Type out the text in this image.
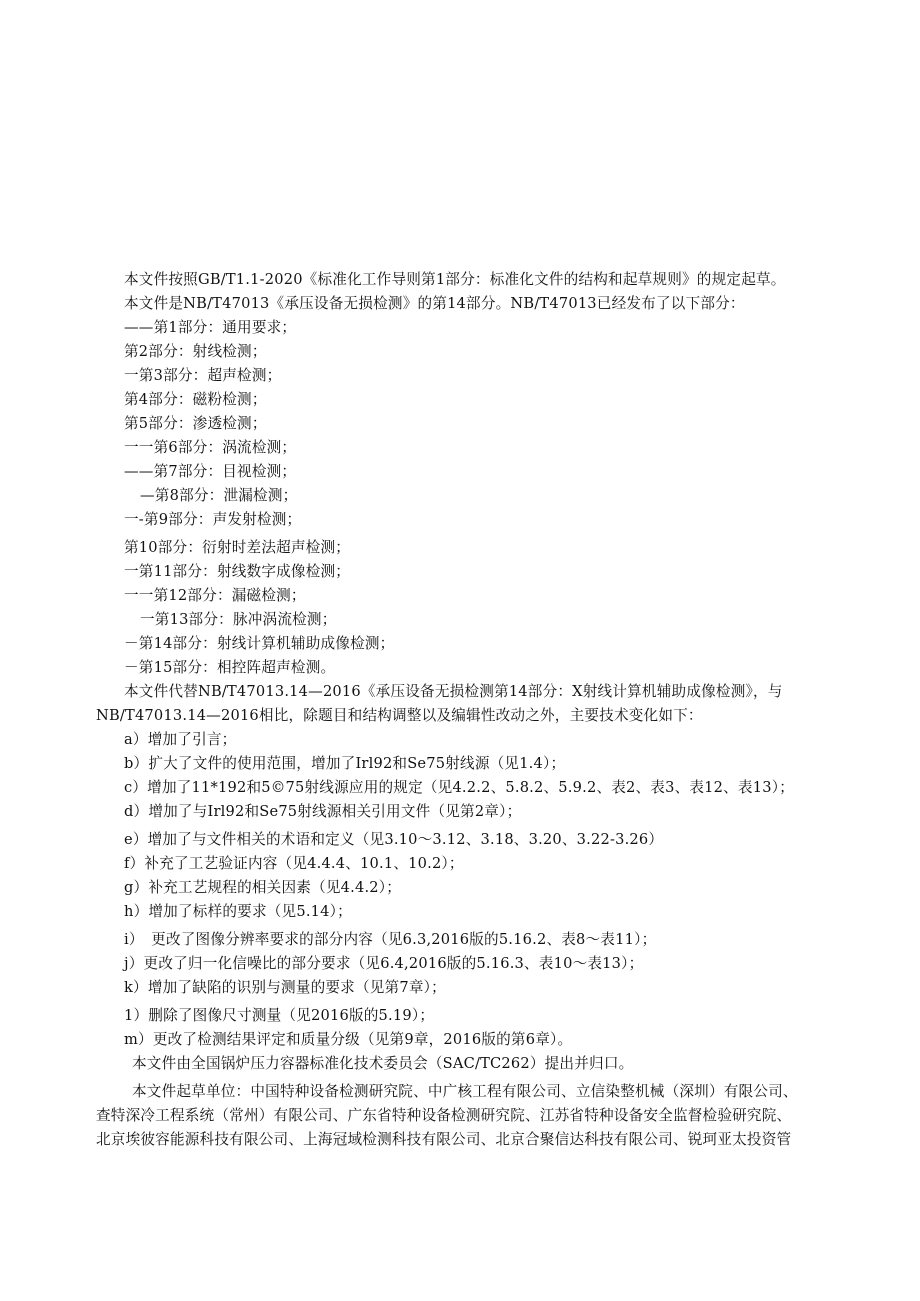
本文件按照GB/T1.1-2020《标准化工作导则第1部分：标准化文件的结构和起草规则》的规定起草。
本文件是NB/T47013《承压设备无损检测》的第14部分。NB/T47013已经发布了以下部分：
——第1部分：通用要求；
第2部分：射线检测；
一第3部分：超声检测；
第4部分：磁粉检测；
第5部分：渗透检测；
一一第6部分：涡流检测；
——第7部分：目视检测；
—第8部分：泄漏检测；
一-第9部分：声发射检测；
第10部分：衍射时差法超声检测；
一第11部分：射线数字成像检测；
一一第12部分：漏磁检测；
一第13部分：脉冲涡流检测；
－第14部分：射线计算机辅助成像检测；
－第15部分：相控阵超声检测。
本文件代替NB/T47013.14—2016《承压设备无损检测第14部分：X射线计算机辅助成像检测》，与
NB/T47013.14—2016相比，除题目和结构调整以及编辑性改动之外，主要技术变化如下：
a）增加了引言；
b）扩大了文件的使用范围，增加了Irl92和Se75射线源（见1.4）；
c）增加了11*192和5©75射线源应用的规定（见4.2.2、5.8.2、5.9.2、表2、表3、表12、表13）；
d）增加了与Irl92和Se75射线源相关引用文件（见第2章）；
e）增加了与文件相关的术语和定义（见3.10～3.12、3.18、3.20、3.22-3.26）
f）补充了工艺验证内容（见4.4.4、10.1、10.2）；
g）补充工艺规程的相关因素（见4.4.2）；
h）增加了标样的要求（见5.14）；
i）　更改了图像分辨率要求的部分内容（见6.3,2016版的5.16.2、表8～表11）；
j）更改了归一化信噪比的部分要求（见6.4,2016版的5.16.3、表10～表13）；
k）增加了缺陷的识别与测量的要求（见第7章）；
1）删除了图像尺寸测量（见2016版的5.19）；
m）更改了检测结果评定和质量分级（见第9章，2016版的第6章）。
本文件由全国锅炉压力容器标准化技术委员会（SAC/TC262）提出并归口。
本文件起草单位：中国特种设备检测研究院、中广核工程有限公司、立信染整机械（深圳）有限公司、
查特深冷工程系统（常州）有限公司、广东省特种设备检测研究院、江苏省特种设备安全监督检验研究院、
北京埃彼容能源科技有限公司、上海冠域检测科技有限公司、北京合聚信达科技有限公司、锐珂亚太投资管
